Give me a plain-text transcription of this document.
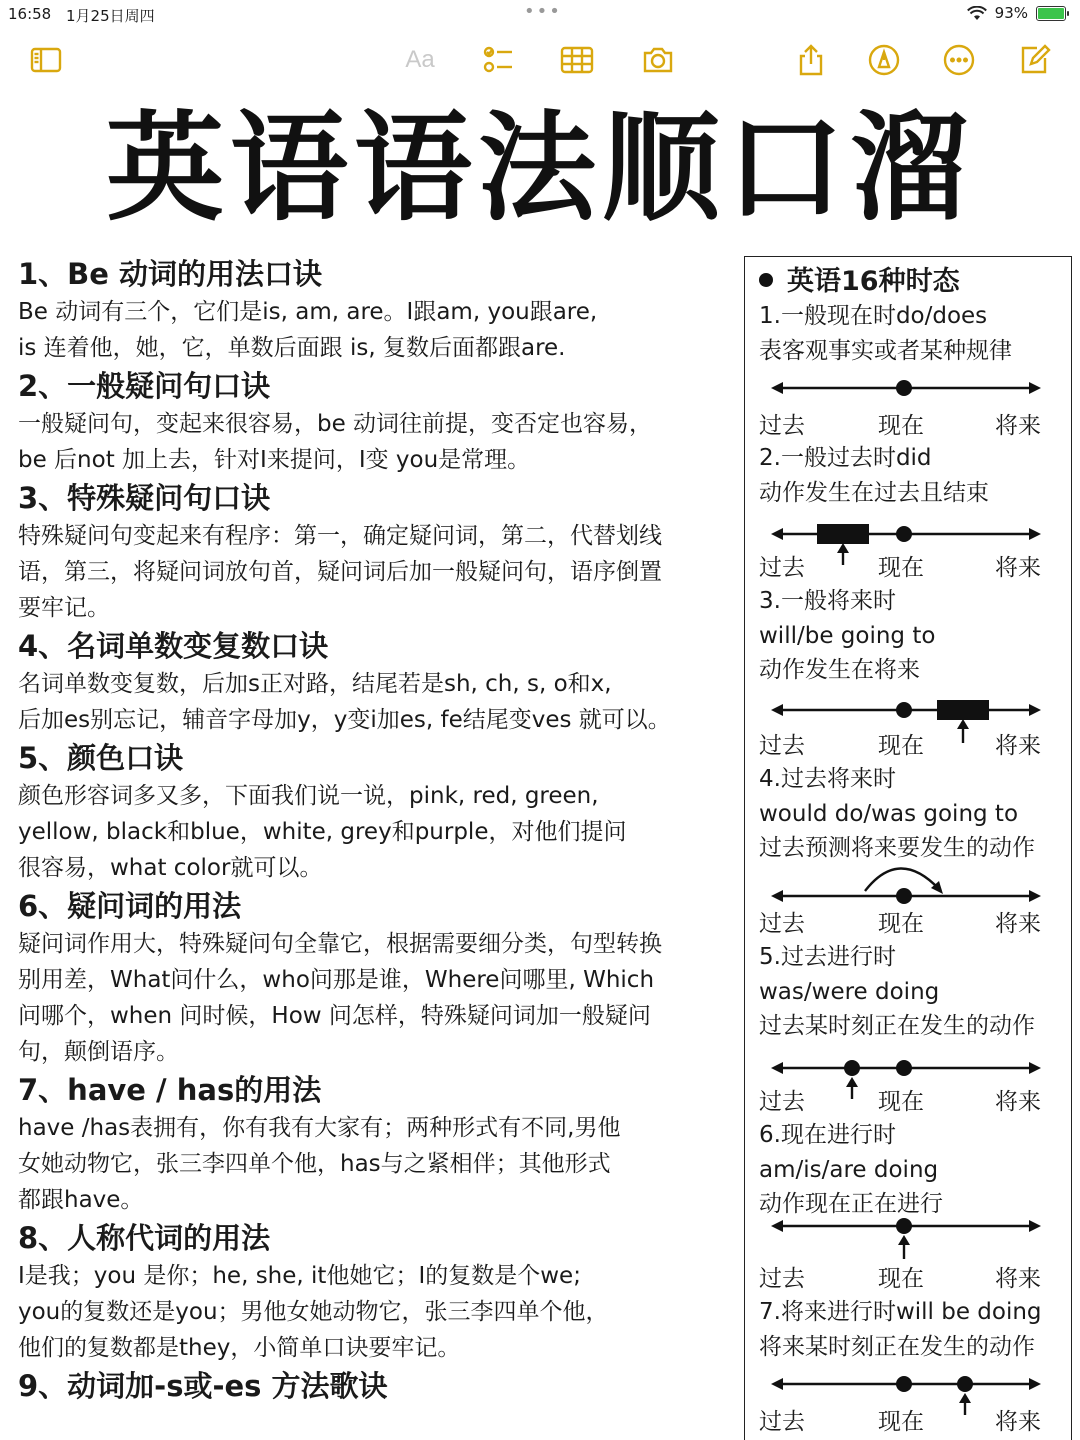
16:58 1月25日周四	•••	93%
Aa
英语语法顺口溜
1、Be 动词的用法口诀

Be 动词有三个，它们是is, am, are。I跟am, you跟are,

is 连着他，她，它，单数后面跟 is, 复数后面都跟are.

2、一般疑问句口诀

一般疑问句，变起来很容易，be 动词往前提，变否定也容易，

be 后not 加上去，针对I来提问，I变 you是常理。

3、特殊疑问句口诀

特殊疑问句变起来有程序：第一，确定疑问词，第二，代替划线

语，第三，将疑问词放句首，疑问词后加一般疑问句，语序倒置

要牢记。

4、名词单数变复数口诀

名词单数变复数，后加s正对路，结尾若是sh, ch, s, o和x,

后加es别忘记，辅音字母加y，y变i加es, fe结尾变ves 就可以。

5、颜色口诀

颜色形容词多又多，下面我们说一说，pink, red, green,

yellow, black和blue，white, grey和purple，对他们提问

很容易，what color就可以。

6、疑问词的用法

疑问词作用大，特殊疑问句全靠它，根据需要细分类，句型转换

别用差，What问什么，who问那是谁，Where问哪里, Which

问哪个，when 问时候，How 问怎样，特殊疑问词加一般疑问

句，颠倒语序。

7、have / has的用法

have /has表拥有，你有我有大家有；两种形式有不同,男他

女她动物它，张三李四单个他，has与之紧相伴；其他形式

都跟have。

8、人称代词的用法

I是我；you 是你；he, she, it他她它；I的复数是个we;

you的复数还是you；男他女她动物它，张三李四单个他，

他们的复数都是they，小简单口诀要牢记。

9、动词加-s或-es 方法歌诀
英语16种时态
1.一般现在时do/does
表客观事实或者某种规律
过去	现在	将来
2.一般过去时did
动作发生在过去且结束
过去	现在	将来
3.一般将来时
will/be going to
动作发生在将来
过去	现在	将来
4.过去将来时
would do/was going to
过去预测将来要发生的动作
过去	现在	将来
5.过去进行时
was/were doing
过去某时刻正在发生的动作
过去	现在	将来
6.现在进行时
am/is/are doing
动作现在正在进行
过去	现在	将来
7.将来进行时will be doing
将来某时刻正在发生的动作
过去	现在	将来
